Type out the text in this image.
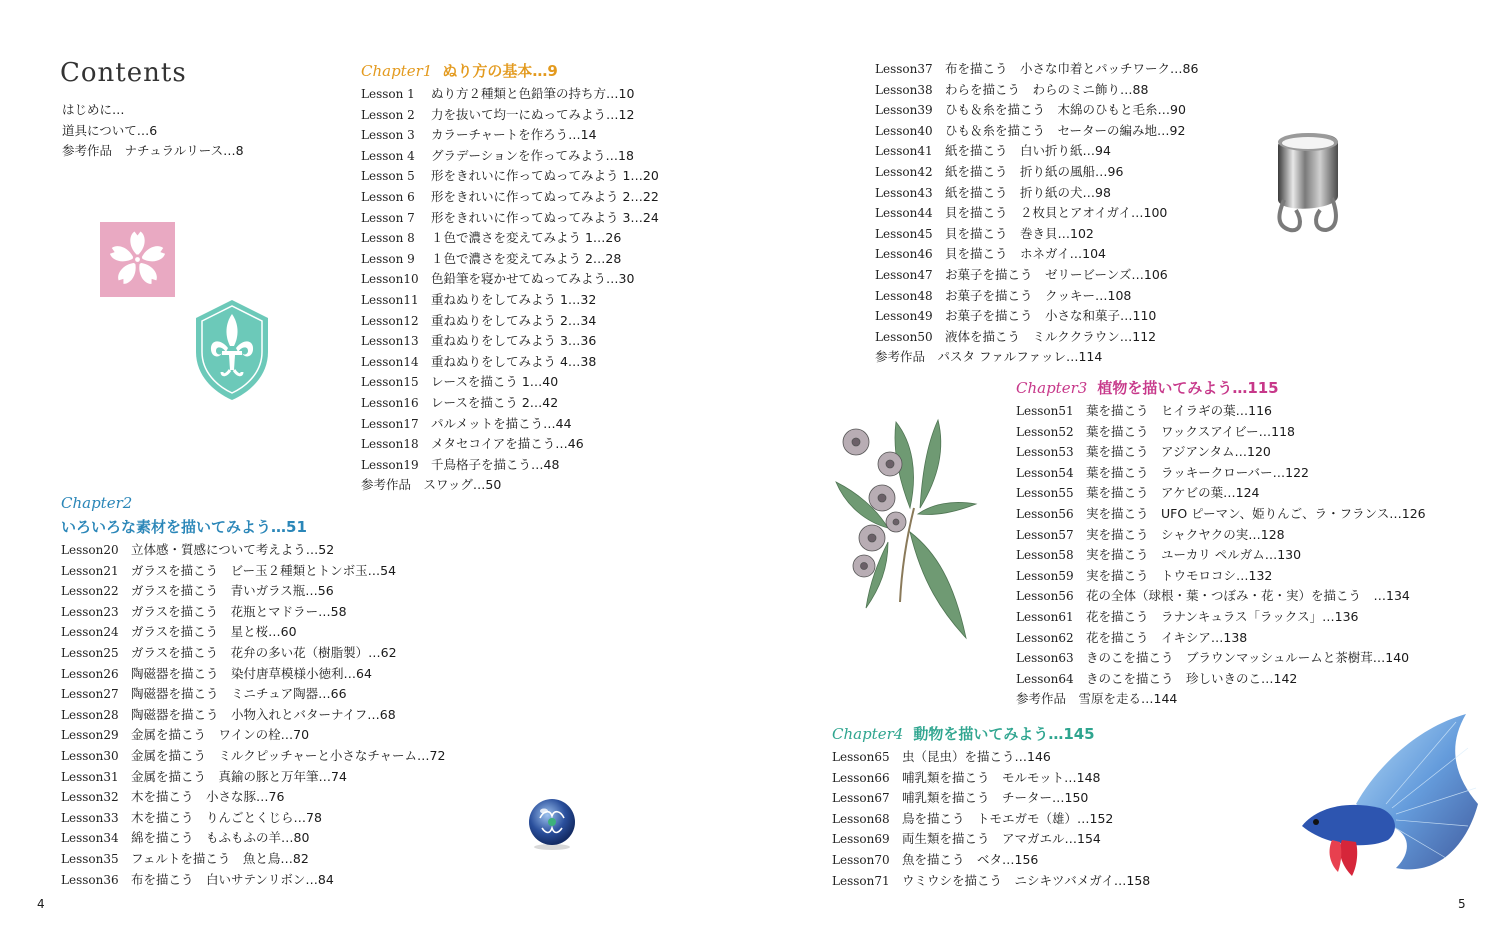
Contents
はじめに…
道具について…6
参考作品　ナチュラルリース…8
Chapter1 ぬり方の基本…9
Lesson 1	ぬり方２種類と色鉛筆の持ち方…10
Lesson 2	力を抜いて均一にぬってみよう…12
Lesson 3	カラーチャートを作ろう…14
Lesson 4	グラデーションを作ってみよう…18
Lesson 5	形をきれいに作ってぬってみよう 1…20
Lesson 6	形をきれいに作ってぬってみよう 2…22
Lesson 7	形をきれいに作ってぬってみよう 3…24
Lesson 8	１色で濃さを変えてみよう 1…26
Lesson 9	１色で濃さを変えてみよう 2…28
Lesson10 色鉛筆を寝かせてぬってみよう…30
Lesson11 重ねぬりをしてみよう 1…32
Lesson12 重ねぬりをしてみよう 2…34
Lesson13 重ねぬりをしてみよう 3…36
Lesson14 重ねぬりをしてみよう 4…38
Lesson15 レースを描こう 1…40
Lesson16 レースを描こう 2…42
Lesson17 パルメットを描こう…44
Lesson18 メタセコイアを描こう…46
Lesson19 千鳥格子を描こう…48
参考作品　スワッグ…50
Chapter2
いろいろな素材を描いてみよう…51
Lesson20 立体感・質感について考えよう…52
Lesson21 ガラスを描こう　ビー玉２種類とトンボ玉…54
Lesson22 ガラスを描こう　青いガラス瓶…56
Lesson23 ガラスを描こう　花瓶とマドラー…58
Lesson24 ガラスを描こう　星と桜…60
Lesson25 ガラスを描こう　花弁の多い花（樹脂製）…62
Lesson26 陶磁器を描こう　染付唐草模様小徳利…64
Lesson27 陶磁器を描こう　ミニチュア陶器…66
Lesson28 陶磁器を描こう　小物入れとバターナイフ…68
Lesson29 金属を描こう　ワインの栓…70
Lesson30 金属を描こう　ミルクピッチャーと小さなチャーム…72
Lesson31 金属を描こう　真鍮の豚と万年筆…74
Lesson32 木を描こう　小さな豚…76
Lesson33 木を描こう　りんごとくじら…78
Lesson34 綿を描こう　もふもふの羊…80
Lesson35 フェルトを描こう　魚と鳥…82
Lesson36 布を描こう　白いサテンリボン…84
4
Lesson37 布を描こう　小さな巾着とパッチワーク…86
Lesson38 わらを描こう　わらのミニ飾り…88
Lesson39 ひも＆糸を描こう　木綿のひもと毛糸…90
Lesson40 ひも＆糸を描こう　セーターの編み地…92
Lesson41 紙を描こう　白い折り紙…94
Lesson42 紙を描こう　折り紙の風船…96
Lesson43 紙を描こう　折り紙の犬…98
Lesson44 貝を描こう　２枚貝とアオイガイ…100
Lesson45 貝を描こう　巻き貝…102
Lesson46 貝を描こう　ホネガイ…104
Lesson47 お菓子を描こう　ゼリービーンズ…106
Lesson48 お菓子を描こう　クッキー…108
Lesson49 お菓子を描こう　小さな和菓子…110
Lesson50 液体を描こう　ミルククラウン…112
参考作品　パスタ ファルファッレ…114
Chapter3 植物を描いてみよう…115
Lesson51 葉を描こう　ヒイラギの葉…116
Lesson52 葉を描こう　ワックスアイビー…118
Lesson53 葉を描こう　アジアンタム…120
Lesson54 葉を描こう　ラッキークローバー…122
Lesson55 葉を描こう　アケビの葉…124
Lesson56 実を描こう　UFO ピーマン、姫りんご、ラ・フランス…126
Lesson57 実を描こう　シャクヤクの実…128
Lesson58 実を描こう　ユーカリ ペルガム…130
Lesson59 実を描こう　トウモロコシ…132
Lesson56 花の全体（球根・葉・つぼみ・花・実）を描こう　…134
Lesson61 花を描こう　ラナンキュラス「ラックス」…136
Lesson62 花を描こう　イキシア…138
Lesson63 きのこを描こう　ブラウンマッシュルームと茶樹茸…140
Lesson64 きのこを描こう　珍しいきのこ…142
参考作品　雪原を走る…144
Chapter4 動物を描いてみよう…145
Lesson65 虫（昆虫）を描こう…146
Lesson66 哺乳類を描こう　モルモット…148
Lesson67 哺乳類を描こう　チーター…150
Lesson68 鳥を描こう　トモエガモ（雄）…152
Lesson69 両生類を描こう　アマガエル…154
Lesson70 魚を描こう　ベタ…156
Lesson71 ウミウシを描こう　ニシキツバメガイ…158
5
